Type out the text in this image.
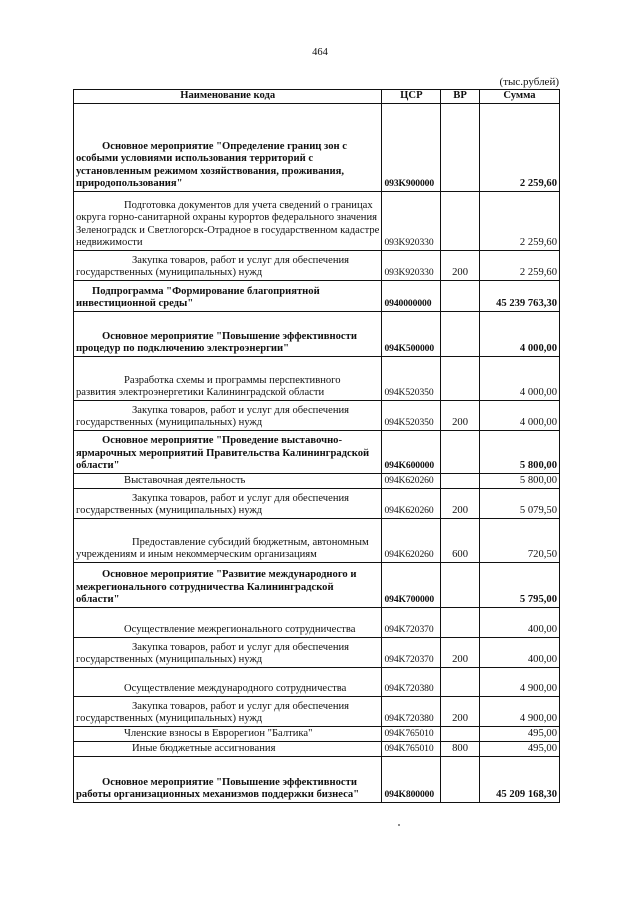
464
(тыс.рублей)
Наименование кода	ЦСР	ВР	Сумма
Основное мероприятие "Определение границ зон с особыми условиями использования территорий с установленным режимом хозяйствования, проживания, природопользования"	093K900000		2 259,60
Подготовка документов для учета сведений о границах округа горно-санитарной охраны курортов федерального значения Зеленоградск и Светлогорск-Отрадное в государственном кадастре недвижимости	093K920330		2 259,60
Закупка товаров, работ и услуг для обеспечения государственных (муниципальных) нужд	093K920330	200	2 259,60
Подпрограмма "Формирование благоприятной инвестиционной среды"	0940000000		45 239 763,30
Основное мероприятие "Повышение эффективности процедур по подключению электроэнергии"	094K500000		4 000,00
Разработка схемы и программы перспективного развития электроэнергетики Калининградской области	094K520350		4 000,00
Закупка товаров, работ и услуг для обеспечения государственных (муниципальных) нужд	094K520350	200	4 000,00
Основное мероприятие "Проведение выставочно-ярмарочных мероприятий Правительства Калининградской области"	094K600000		5 800,00
Выставочная деятельность	094K620260		5 800,00
Закупка товаров, работ и услуг для обеспечения государственных (муниципальных) нужд	094K620260	200	5 079,50
Предоставление субсидий бюджетным, автономным учреждениям и иным некоммерческим организациям	094K620260	600	720,50
Основное мероприятие "Развитие международного и межрегионального сотрудничества Калининградской области"	094K700000		5 795,00
Осуществление межрегионального сотрудничества	094K720370		400,00
Закупка товаров, работ и услуг для обеспечения государственных (муниципальных) нужд	094K720370	200	400,00
Осуществление международного сотрудничества	094K720380		4 900,00
Закупка товаров, работ и услуг для обеспечения государственных (муниципальных) нужд	094K720380	200	4 900,00
Членские взносы в Еврорегион "Балтика"	094K765010		495,00
Иные бюджетные ассигнования	094K765010	800	495,00
Основное мероприятие "Повышение эффективности работы организационных механизмов поддержки бизнеса"	094K800000		45 209 168,30
